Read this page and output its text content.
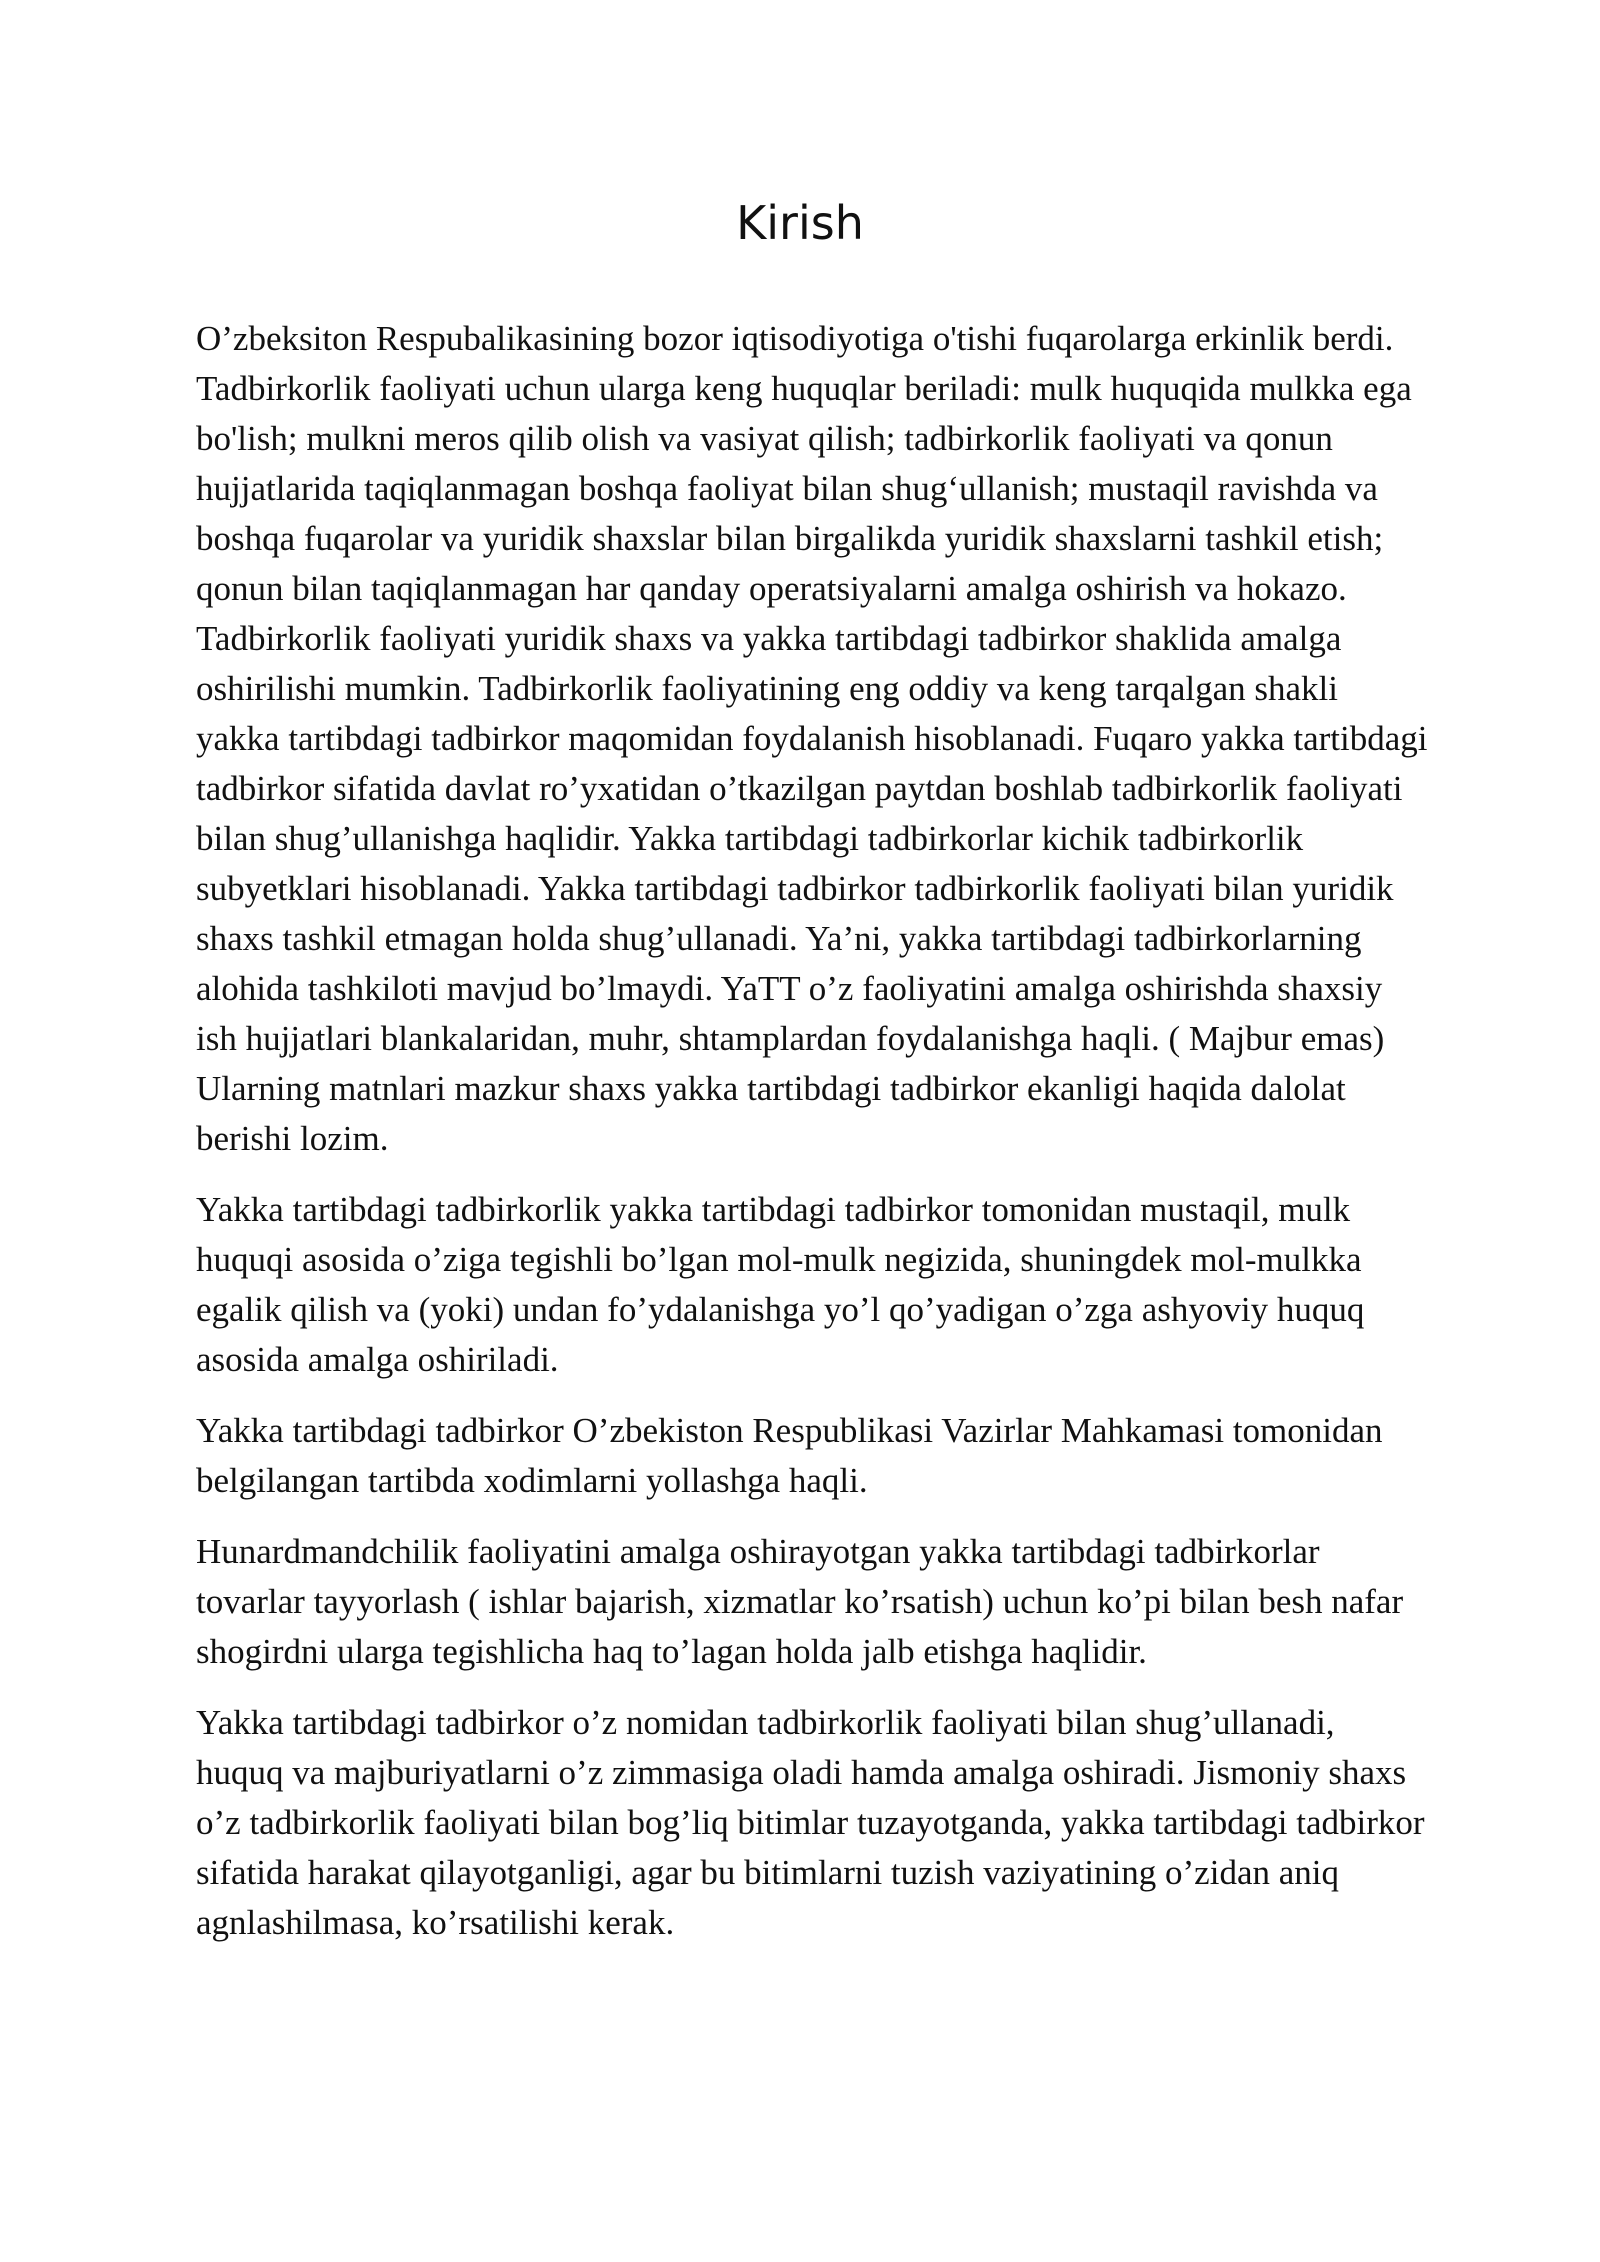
Kirish

O’zbeksiton Respubalikasining bozor iqtisodiyotiga o'tishi fuqarolarga erkinlik berdi. Tadbirkorlik faoliyati uchun ularga keng huquqlar beriladi: mulk huquqida mulkka ega bo'lish; mulkni meros qilib olish va vasiyat qilish; tadbirkorlik faoliyati va qonun hujjatlarida taqiqlanmagan boshqa faoliyat bilan shug‘ullanish; mustaqil ravishda va boshqa fuqarolar va yuridik shaxslar bilan birgalikda yuridik shaxslarni tashkil etish; qonun bilan taqiqlanmagan har qanday operatsiyalarni amalga oshirish va hokazo. Tadbirkorlik faoliyati yuridik shaxs va yakka tartibdagi tadbirkor shaklida amalga oshirilishi mumkin. Tadbirkorlik faoliyatining eng oddiy va keng tarqalgan shakli yakka tartibdagi tadbirkor maqomidan foydalanish hisoblanadi. Fuqaro yakka tartibdagi tadbirkor sifatida davlat ro’yxatidan o’tkazilgan paytdan boshlab tadbirkorlik faoliyati bilan shug’ullanishga haqlidir. Yakka tartibdagi tadbirkorlar kichik tadbirkorlik subyetklari hisoblanadi. Yakka tartibdagi tadbirkor tadbirkorlik faoliyati bilan yuridik shaxs tashkil etmagan holda shug’ullanadi. Ya’ni, yakka tartibdagi tadbirkorlarning alohida tashkiloti mavjud bo’lmaydi. YaTT o’z faoliyatini amalga oshirishda shaxsiy ish hujjatlari blankalaridan, muhr, shtamplardan foydalanishga haqli. ( Majbur emas) Ularning matnlari mazkur shaxs yakka tartibdagi tadbirkor ekanligi haqida dalolat berishi lozim.

Yakka tartibdagi tadbirkorlik yakka tartibdagi tadbirkor tomonidan mustaqil, mulk huquqi asosida o’ziga tegishli bo’lgan mol-mulk negizida, shuningdek mol-mulkka egalik qilish va (yoki) undan fo’ydalanishga yo’l qo’yadigan o’zga ashyoviy huquq asosida amalga oshiriladi.

Yakka tartibdagi tadbirkor O’zbekiston Respublikasi Vazirlar Mahkamasi tomonidan belgilangan tartibda xodimlarni yollashga haqli.

Hunardmandchilik faoliyatini amalga oshirayotgan yakka tartibdagi tadbirkorlar tovarlar tayyorlash ( ishlar bajarish, xizmatlar ko’rsatish) uchun ko’pi bilan besh nafar shogirdni ularga tegishlicha haq to’lagan holda jalb etishga haqlidir.

Yakka tartibdagi tadbirkor o’z nomidan tadbirkorlik faoliyati bilan shug’ullanadi, huquq va majburiyatlarni o’z zimmasiga oladi hamda amalga oshiradi. Jismoniy shaxs o’z tadbirkorlik faoliyati bilan bog’liq bitimlar tuzayotganda, yakka tartibdagi tadbirkor sifatida harakat qilayotganligi, agar bu bitimlarni tuzish vaziyatining o’zidan aniq agnlashilmasa, ko’rsatilishi kerak.
